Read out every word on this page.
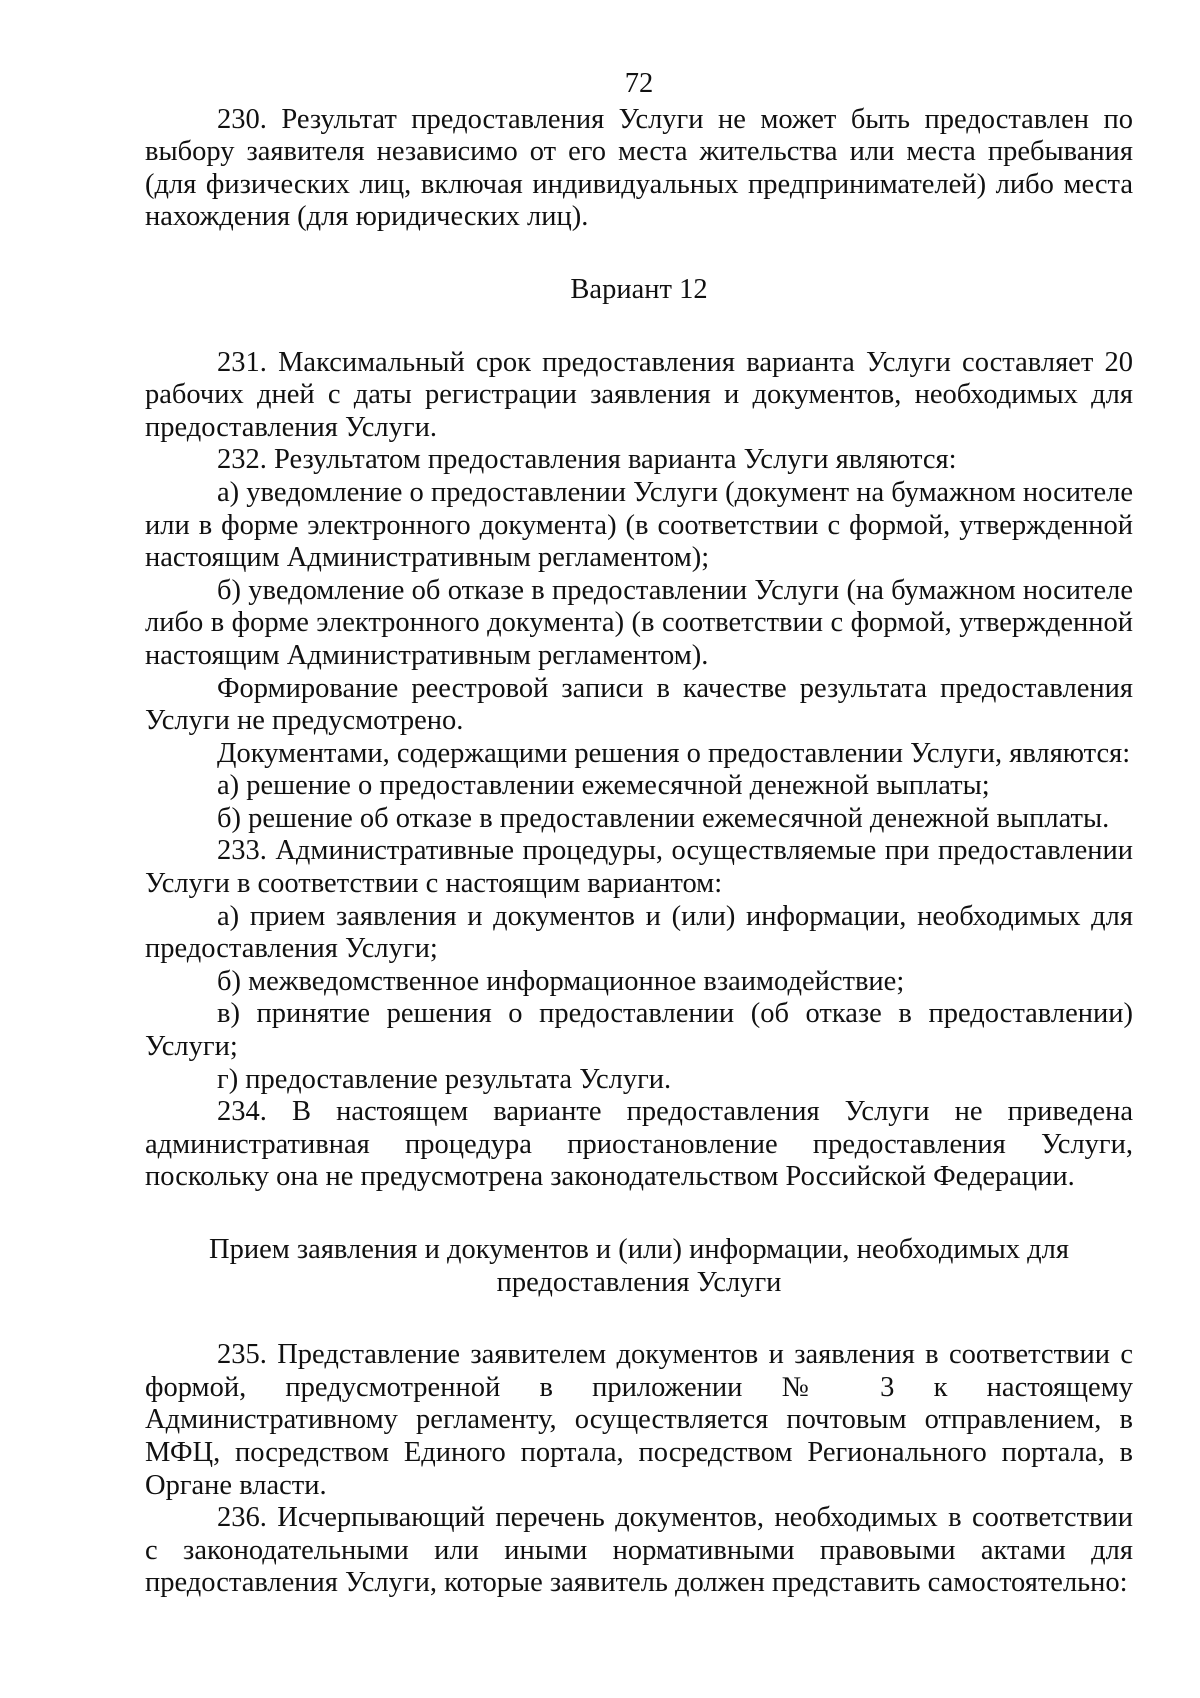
72

230. Результат предоставления Услуги не может быть предоставлен по выбору заявителя независимо от его места жительства или места пребывания (для физических лиц, включая индивидуальных предпринимателей) либо места нахождения (для юридических лиц).

Вариант 12

231. Максимальный срок предоставления варианта Услуги составляет 20 рабочих дней с даты регистрации заявления и документов, необходимых для предоставления Услуги.

232. Результатом предоставления варианта Услуги являются:

а) уведомление о предоставлении Услуги (документ на бумажном носителе или в форме электронного документа) (в соответствии с формой, утвержденной настоящим Административным регламентом);

б) уведомление об отказе в предоставлении Услуги (на бумажном носителе либо в форме электронного документа) (в соответствии с формой, утвержденной настоящим Административным регламентом).

Формирование реестровой записи в качестве результата предоставления Услуги не предусмотрено.

Документами, содержащими решения о предоставлении Услуги, являются:

а) решение о предоставлении ежемесячной денежной выплаты;

б) решение об отказе в предоставлении ежемесячной денежной выплаты.

233. Административные процедуры, осуществляемые при предоставлении Услуги в соответствии с настоящим вариантом:

а) прием заявления и документов и (или) информации, необходимых для предоставления Услуги;

б) межведомственное информационное взаимодействие;

в) принятие решения о предоставлении (об отказе в предоставлении) Услуги;

г) предоставление результата Услуги.

234. В настоящем варианте предоставления Услуги не приведена административная процедура приостановление предоставления Услуги, поскольку она не предусмотрена законодательством Российской Федерации.

Прием заявления и документов и (или) информации, необходимых для
предоставления Услуги

235. Представление заявителем документов и заявления в соответствии с формой, предусмотренной в приложении № 3 к настоящему Административному регламенту, осуществляется почтовым отправлением, в МФЦ, посредством Единого портала, посредством Регионального портала, в Органе власти.

236. Исчерпывающий перечень документов, необходимых в соответствии с законодательными или иными нормативными правовыми актами для предоставления Услуги, которые заявитель должен представить самостоятельно:
